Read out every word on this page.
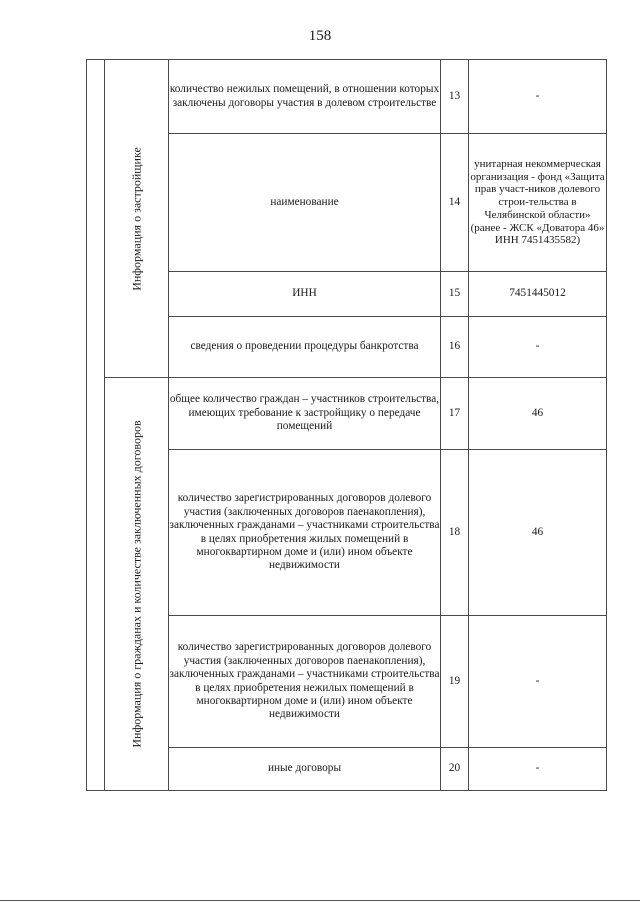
158

	Информация о застройщике	количество нежилых помещений, в отношении которых заключены договоры участия в долевом строительстве	13	-
		наименование	14	унитарная некоммерческая организация - фонд «Защита прав участ-ников долевого строи-тельства в Челябинской области» (ранее - ЖСК «Доватора 46» ИНН 7451435582)

		ИНН	15	7451445012
		сведения о проведении процедуры банкротства	16	-

	Информация о гражданах и количестве заключенных договоров	общее количество граждан – участников строительства, имеющих требование к застройщику о передаче помещений	17	46
		количество зарегистрированных договоров долевого участия (заключенных договоров паенакопления), заключенных гражданами – участниками строительства в целях приобретения жилых помещений в многоквартирном доме и (или) ином объекте недвижимости	18	46
		количество зарегистрированных договоров долевого участия (заключенных договоров паенакопления), заключенных гражданами – участниками строительства в целях приобретения нежилых помещений в многоквартирном доме и (или) ином объекте недвижимости	19	-
		иные договоры	20	-
